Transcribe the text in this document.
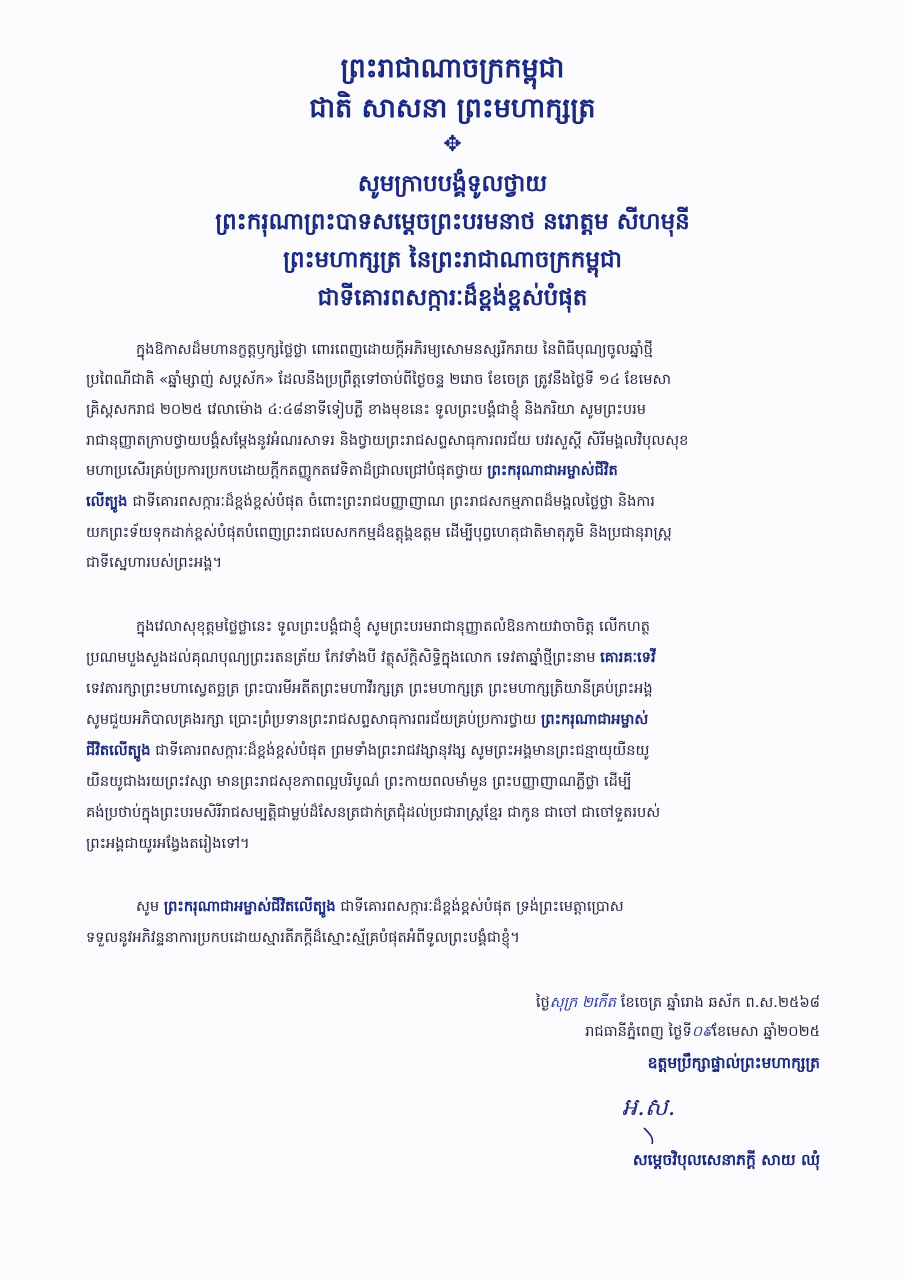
ព្រះរាជាណាចក្រកម្ពុជា
ជាតិ សាសនា ព្រះមហាក្សត្រ
✥
សូមក្រាបបង្គំទូលថ្វាយ
ព្រះករុណាព្រះបាទសម្តេចព្រះបរមនាថ នរោត្តម សីហមុនី
ព្រះមហាក្សត្រ នៃព្រះរាជាណាចក្រកម្ពុជា
ជាទីគោរពសក្ការៈដ៏ខ្ពង់ខ្ពស់បំផុត
ក្នុងឱកាសដ៏មហានក្ខត្តឫក្សថ្លៃថ្លា ពោរពេញដោយក្តីអភិរម្យសោមនស្សរីករាយ នៃពិធីបុណ្យចូលឆ្នាំថ្មី
ប្រពៃណីជាតិ «ឆ្នាំម្សាញ់ សប្តស័ក» ដែលនឹងប្រព្រឹត្តទៅចាប់ពីថ្ងៃចន្ទ ២រោច ខែចេត្រ ត្រូវនឹងថ្ងៃទី ១៤ ខែមេសា
គ្រិស្តសករាជ ២០២៥ វេលាម៉ោង ៤:៤៨នាទីទៀបភ្លឺ ខាងមុខនេះ ទូលព្រះបង្គំជាខ្ញុំ និងភរិយា សូមព្រះបរម
រាជានុញ្ញាតក្រាបថ្វាយបង្គំសម្តែងនូវអំណរសាទរ និងថ្វាយព្រះរាជសព្ទសាធុការពរជ័យ បវរសួស្តី សិរីមង្គលវិបុលសុខ
មហាប្រសើរគ្រប់ប្រការប្រកបដោយក្តីកតញ្ញូកតវេទិតាដ៏ជ្រាលជ្រៅបំផុតថ្វាយ ព្រះករុណាជាអម្ចាស់ជីវិត
លើត្បូង ជាទីគោរពសក្ការៈដ៏ខ្ពង់ខ្ពស់បំផុត ចំពោះព្រះរាជបញ្ញាញាណ ព្រះរាជសកម្មភាពដ៏មង្គលថ្លៃថ្លា និងការ
យកព្រះទ័យទុកដាក់ខ្ពស់បំផុតបំពេញព្រះរាជបេសកកម្មដ៏ឧត្តុង្គឧត្តម ដើម្បីបុព្វហេតុជាតិមាតុភូមិ និងប្រជានុរាស្ត្រ
ជាទីស្នេហារបស់ព្រះអង្គ។
ក្នុងវេលាសុខុត្តមថ្លៃថ្លានេះ ទូលព្រះបង្គំជាខ្ញុំ សូមព្រះបរមរាជានុញ្ញាតលំឱនកាយវាចាចិត្ត លើកហត្ថ
ប្រណមបួងសួងដល់គុណបុណ្យព្រះរតនត្រ័យ កែវទាំងបី វត្ថុស័ក្តិសិទ្ធិក្នុងលោក ទេវតាឆ្នាំថ្មីព្រះនាម គោរគៈទេវី
ទេវតារក្សាព្រះមហាស្វេតច្ឆត្រ ព្រះបារមីអតីតព្រះមហាវីរក្សត្រ ព្រះមហាក្សត្រ ព្រះមហាក្សត្រិយានីគ្រប់ព្រះអង្គ
សូមជួយអភិបាលគ្រងរក្សា ប្រោះព្រំប្រទានព្រះរាជសព្ទសាធុការពរជ័យគ្រប់ប្រការថ្វាយ ព្រះករុណាជាអម្ចាស់
ជីវិតលើត្បូង ជាទីគោរពសក្ការៈដ៏ខ្ពង់ខ្ពស់បំផុត ព្រមទាំងព្រះរាជវង្សានុវង្ស សូមព្រះអង្គមានព្រះជន្មាយុយឺនយូ
យឺនយូជាងរយព្រះវស្សា មានព្រះរាជសុខភាពល្អបរិបូណ៌ ព្រះកាយពលមាំមួន ព្រះបញ្ញាញាណភ្លឺថ្លា ដើម្បី
គង់ប្រថាប់ក្នុងព្រះបរមសិរីរាជសម្បត្តិជាម្លប់ដ៏សែនត្រជាក់ត្រជុំដល់ប្រជារាស្ត្រខ្មែរ ជាកូន ជាចៅ ជាចៅទួតរបស់
ព្រះអង្គជាយូរអង្វែងតរៀងទៅ។
សូម ព្រះករុណាជាអម្ចាស់ជីវិតលើត្បូង ជាទីគោរពសក្ការៈដ៏ខ្ពង់ខ្ពស់បំផុត ទ្រង់ព្រះមេត្តាប្រោស
ទទួលនូវអភិវន្ទនាការប្រកបដោយស្មារតីភក្តីដ៏ស្មោះស្ម័គ្របំផុតអំពីទូលព្រះបង្គំជាខ្ញុំ។
ថ្ងៃសុក្រ ២កើត ខែចេត្រ ឆ្នាំរោង ឆស័ក ព.ស.២៥៦៨
រាជធានីភ្នំពេញ ថ្ងៃទី០៩ខែមេសា ឆ្នាំ២០២៥
ឧត្តមប្រឹក្សាផ្ទាល់ព្រះមហាក្សត្រ
អ.ស.
សម្តេចវិបុលសេនាភក្តី សាយ ឈុំ
